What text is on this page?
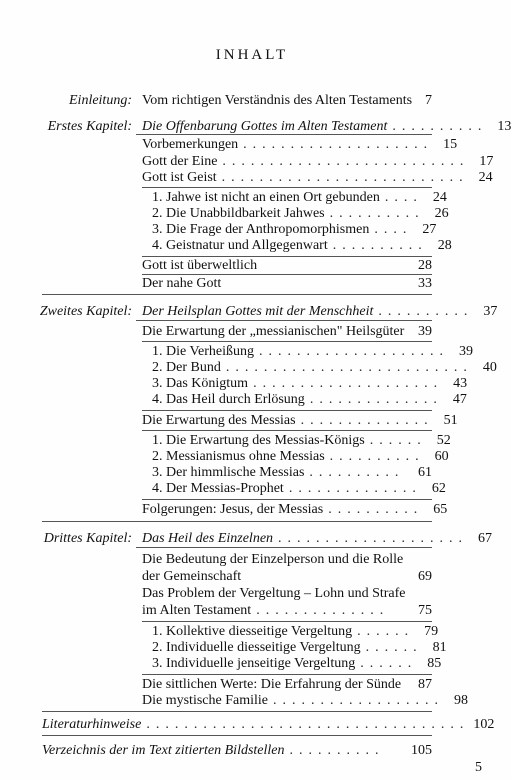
INHALT
Einleitung: Vom richtigen Verständnis des Alten Testaments 7
Erstes Kapitel: Die Offenbarung Gottes im Alten Testament .......... 13
Vorbemerkungen .................... 15
Gott der Eine .......................... 17
Gott ist Geist .......................... 24
1. Jahwe ist nicht an einen Ort gebunden .... 24
2. Die Unabbildbarkeit Jahwes .......... 26
3. Die Frage der Anthropomorphismen .... 27
4. Geistnatur und Allgegenwart .......... 28
Gott ist überweltlich	28
Der nahe Gott	33
Zweites Kapitel: Der Heilsplan Gottes mit der Menschheit .......... 37
Die Erwartung der „messianischen" Heilsgüter 39
1. Die Verheißung .................... 39
2. Der Bund .......................... 40
3. Das Königtum .................... 43
4. Das Heil durch Erlösung .............. 47
Die Erwartung des Messias .............. 51
1. Die Erwartung des Messias-Königs ...... 52
2. Messianismus ohne Messias .......... 60
3. Der himmlische Messias .......... 61
4. Der Messias-Prophet .............. 62
Folgerungen: Jesus, der Messias .......... 65
Drittes Kapitel: Das Heil des Einzelnen .................... 67
Die Bedeutung der Einzelperson und die Rolle
der Gemeinschaft	69
Das Problem der Vergeltung – Lohn und Strafe
im Alten Testament ..............	75
1. Kollektive diesseitige Vergeltung ...... 79
2. Individuelle diesseitige Vergeltung ...... 81
3. Individuelle jenseitige Vergeltung ...... 85
Die sittlichen Werte: Die Erfahrung der Sünde	87
Die mystische Familie .................. 98
Literaturhinweise .................................. 102
Verzeichnis der im Text zitierten Bildstellen ..........	105
5
